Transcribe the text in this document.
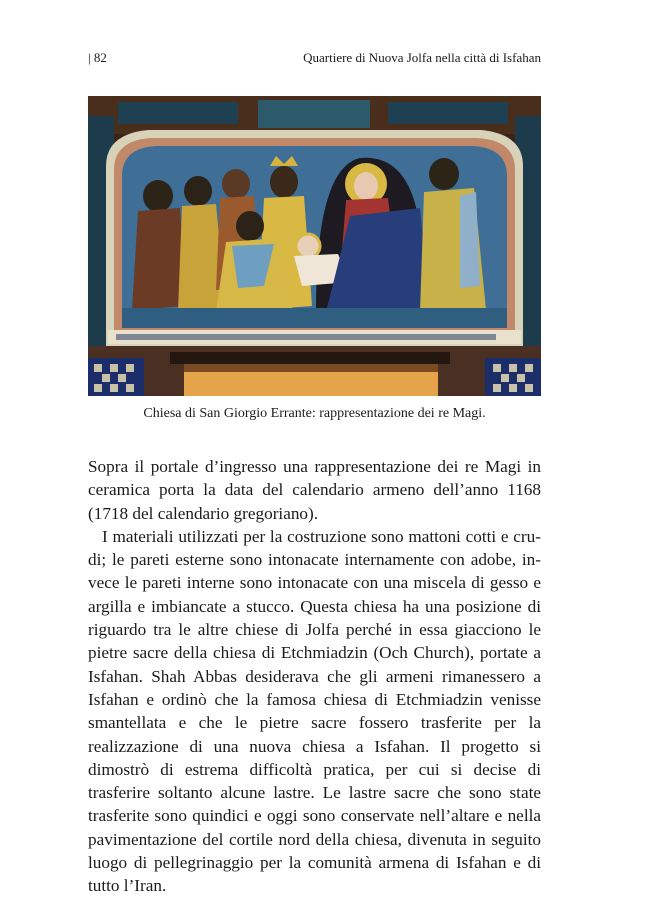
| 82	Quartiere di Nuova Jolfa nella città di Isfahan
Chiesa di San Giorgio Errante: rappresentazione dei re Magi.

Sopra il portale d’ingresso una rappresentazione dei re Magi in ceramica porta la data del calendario armeno dell’anno 1168 (1718 del calendario gregoriano).

I materiali utilizzati per la costruzione sono mattoni cotti e crudi; le pareti esterne sono intonacate internamente con adobe, invece le pareti interne sono intonacate con una miscela di gesso e argilla e imbiancate a stucco. Questa chiesa ha una posizione di riguardo tra le altre chiese di Jolfa perché in essa giacciono le pietre sacre della chiesa di Etchmiadzin (Och Church), portate a Isfahan. Shah Abbas desiderava che gli armeni rimanessero a Isfahan e ordinò che la famosa chiesa di Etchmiadzin venisse smantellata e che le pietre sacre fossero trasferite per la realizzazione di una nuova chiesa a Isfahan. Il progetto si dimostrò di estrema difficoltà pratica, per cui si decise di trasferire soltanto alcune lastre. Le lastre sacre che sono state trasferite sono quindici e oggi sono conservate nell’altare e nella pavimentazione del cortile nord della chiesa, divenuta in seguito luogo di pellegrinaggio per la comunità armena di Isfahan e di tutto l’Iran.
